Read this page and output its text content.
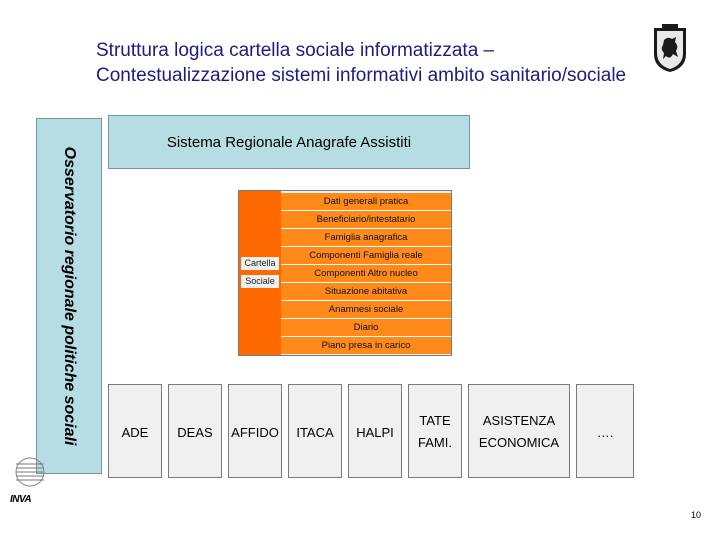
Struttura logica cartella sociale informatizzata –
Contestualizzazione sistemi informativi ambito sanitario/sociale
Osservatorio regionale politiche sociali
Sistema Regionale Anagrafe Assistiti
Cartella
Sociale
Dati generali pratica
Beneficiario/intestatario
Famiglia anagrafica
Componenti Famiglia reale
Componenti Altro nucleo
Situazione abitativa
Anamnesi sociale
Diario
Piano presa in carico
ADE	DEAS	AFFIDO	ITACA	HALPI
TATE
FAMI.
ASISTENZA
ECONOMICA
….
INVA
10
